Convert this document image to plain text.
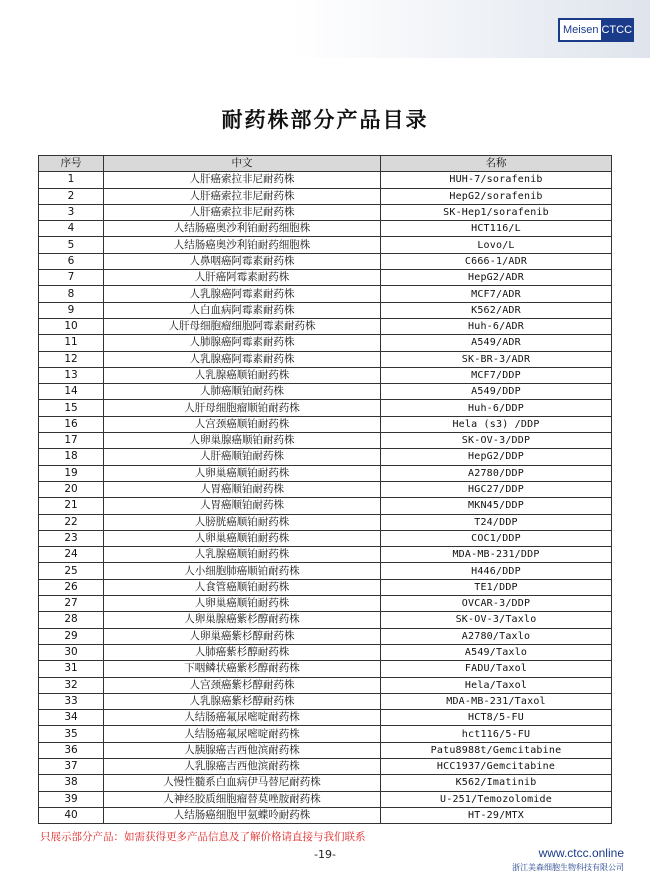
Meisen CTCC
耐药株部分产品目录
序号	中文	名称
1	人肝癌索拉非尼耐药株	HUH-7/sorafenib
2	人肝癌索拉非尼耐药株	HepG2/sorafenib
3	人肝癌索拉非尼耐药株	SK-Hep1/sorafenib
4	人结肠癌奥沙利铂耐药细胞株	HCT116/L
5	人结肠癌奥沙利铂耐药细胞株	Lovo/L
6	人鼻咽癌阿霉素耐药株	C666-1/ADR
7	人肝癌阿霉素耐药株	HepG2/ADR
8	人乳腺癌阿霉素耐药株	MCF7/ADR
9	人白血病阿霉素耐药株	K562/ADR
10	人肝母细胞瘤细胞阿霉素耐药株	Huh-6/ADR
11	人肺腺癌阿霉素耐药株	A549/ADR
12	人乳腺癌阿霉素耐药株	SK-BR-3/ADR
13	人乳腺癌顺铂耐药株	MCF7/DDP
14	人肺癌顺铂耐药株	A549/DDP
15	人肝母细胞瘤顺铂耐药株	Huh-6/DDP
16	人宫颈癌顺铂耐药株	Hela (s3) /DDP
17	人卵巢腺癌顺铂耐药株	SK-OV-3/DDP
18	人肝癌顺铂耐药株	HepG2/DDP
19	人卵巢癌顺铂耐药株	A2780/DDP
20	人胃癌顺铂耐药株	HGC27/DDP
21	人胃癌顺铂耐药株	MKN45/DDP
22	人膀胱癌顺铂耐药株	T24/DDP
23	人卵巢癌顺铂耐药株	COC1/DDP
24	人乳腺癌顺铂耐药株	MDA-MB-231/DDP
25	人小细胞肺癌顺铂耐药株	H446/DDP
26	人食管癌顺铂耐药株	TE1/DDP
27	人卵巢癌顺铂耐药株	OVCAR-3/DDP
28	人卵巢腺癌紫杉醇耐药株	SK-OV-3/Taxlo
29	人卵巢癌紫杉醇耐药株	A2780/Taxlo
30	人肺癌紫杉醇耐药株	A549/Taxlo
31	下咽鳞状癌紫杉醇耐药株	FADU/Taxol
32	人宫颈癌紫杉醇耐药株	Hela/Taxol
33	人乳腺癌紫杉醇耐药株	MDA-MB-231/Taxol
34	人结肠癌氟尿嘧啶耐药株	HCT8/5-FU
35	人结肠癌氟尿嘧啶耐药株	hct116/5-FU
36	人胰腺癌吉西他滨耐药株	Patu8988t/Gemcitabine
37	人乳腺癌吉西他滨耐药株	HCC1937/Gemcitabine
38	人慢性髓系白血病伊马替尼耐药株	K562/Imatinib
39	人神经胶质细胞瘤替莫唑胺耐药株	U-251/Temozolomide
40	人结肠癌细胞甲氨蝶呤耐药株	HT-29/MTX
只展示部分产品：如需获得更多产品信息及了解价格请直接与我们联系
-19-	www.ctcc.online
浙江美森细胞生物科技有限公司
